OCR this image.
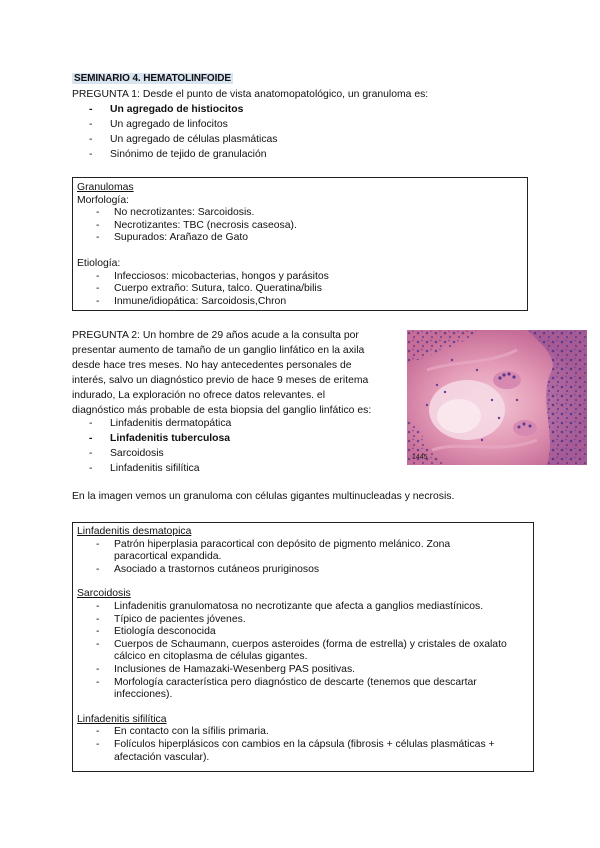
SEMINARIO 4. HEMATOLINFOIDE
PREGUNTA 1: Desde el punto de vista anatomopatológico, un granuloma es:
- Un agregado de histiocitos
- Un agregado de linfocitos
- Un agregado de células plasmáticas
- Sinónimo de tejido de granulación
Granulomas
Morfología:
- No necrotizantes: Sarcoidosis.
- Necrotizantes: TBC (necrosis caseosa).
- Supurados: Arañazo de Gato
Etiología:
- Infecciosos: micobacterias, hongos y parásitos
- Cuerpo extraño: Sutura, talco. Queratina/bilis
- Inmune/idiopática: Sarcoidosis,Chron
PREGUNTA 2: Un hombre de 29 años acude a la consulta por
presentar aumento de tamaño de un ganglio linfático en la axila
desde hace tres meses. No hay antecedentes personales de
interés, salvo un diagnóstico previo de hace 9 meses de eritema
indurado, La exploración no ofrece datos relevantes. el
diagnóstico más probable de esta biopsia del ganglio linfático es:
- Linfadenitis dermatopática
- Linfadenitis tuberculosa
- Sarcoidosis
- Linfadenitis sifilítica
1445
En la imagen vemos un granuloma con células gigantes multinucleadas y necrosis.
Linfadenitis desmatopica
- Patrón hiperplasia paracortical con depósito de pigmento melánico. Zona paracortical expandida.
- Asociado a trastornos cutáneos pruriginosos
Sarcoidosis
- Linfadenitis granulomatosa no necrotizante que afecta a ganglios mediastínicos.
- Típico de pacientes jóvenes.
- Etiología desconocida
- Cuerpos de Schaumann, cuerpos asteroides (forma de estrella) y cristales de oxalato cálcico en citoplasma de células gigantes.
- Inclusiones de Hamazaki-Wesenberg PAS positivas.
- Morfología característica pero diagnóstico de descarte (tenemos que descartar infecciones).
Linfadenitis sifilítica
- En contacto con la sífilis primaria.
- Folículos hiperplásicos con cambios en la cápsula (fibrosis + células plasmáticas + afectación vascular).
